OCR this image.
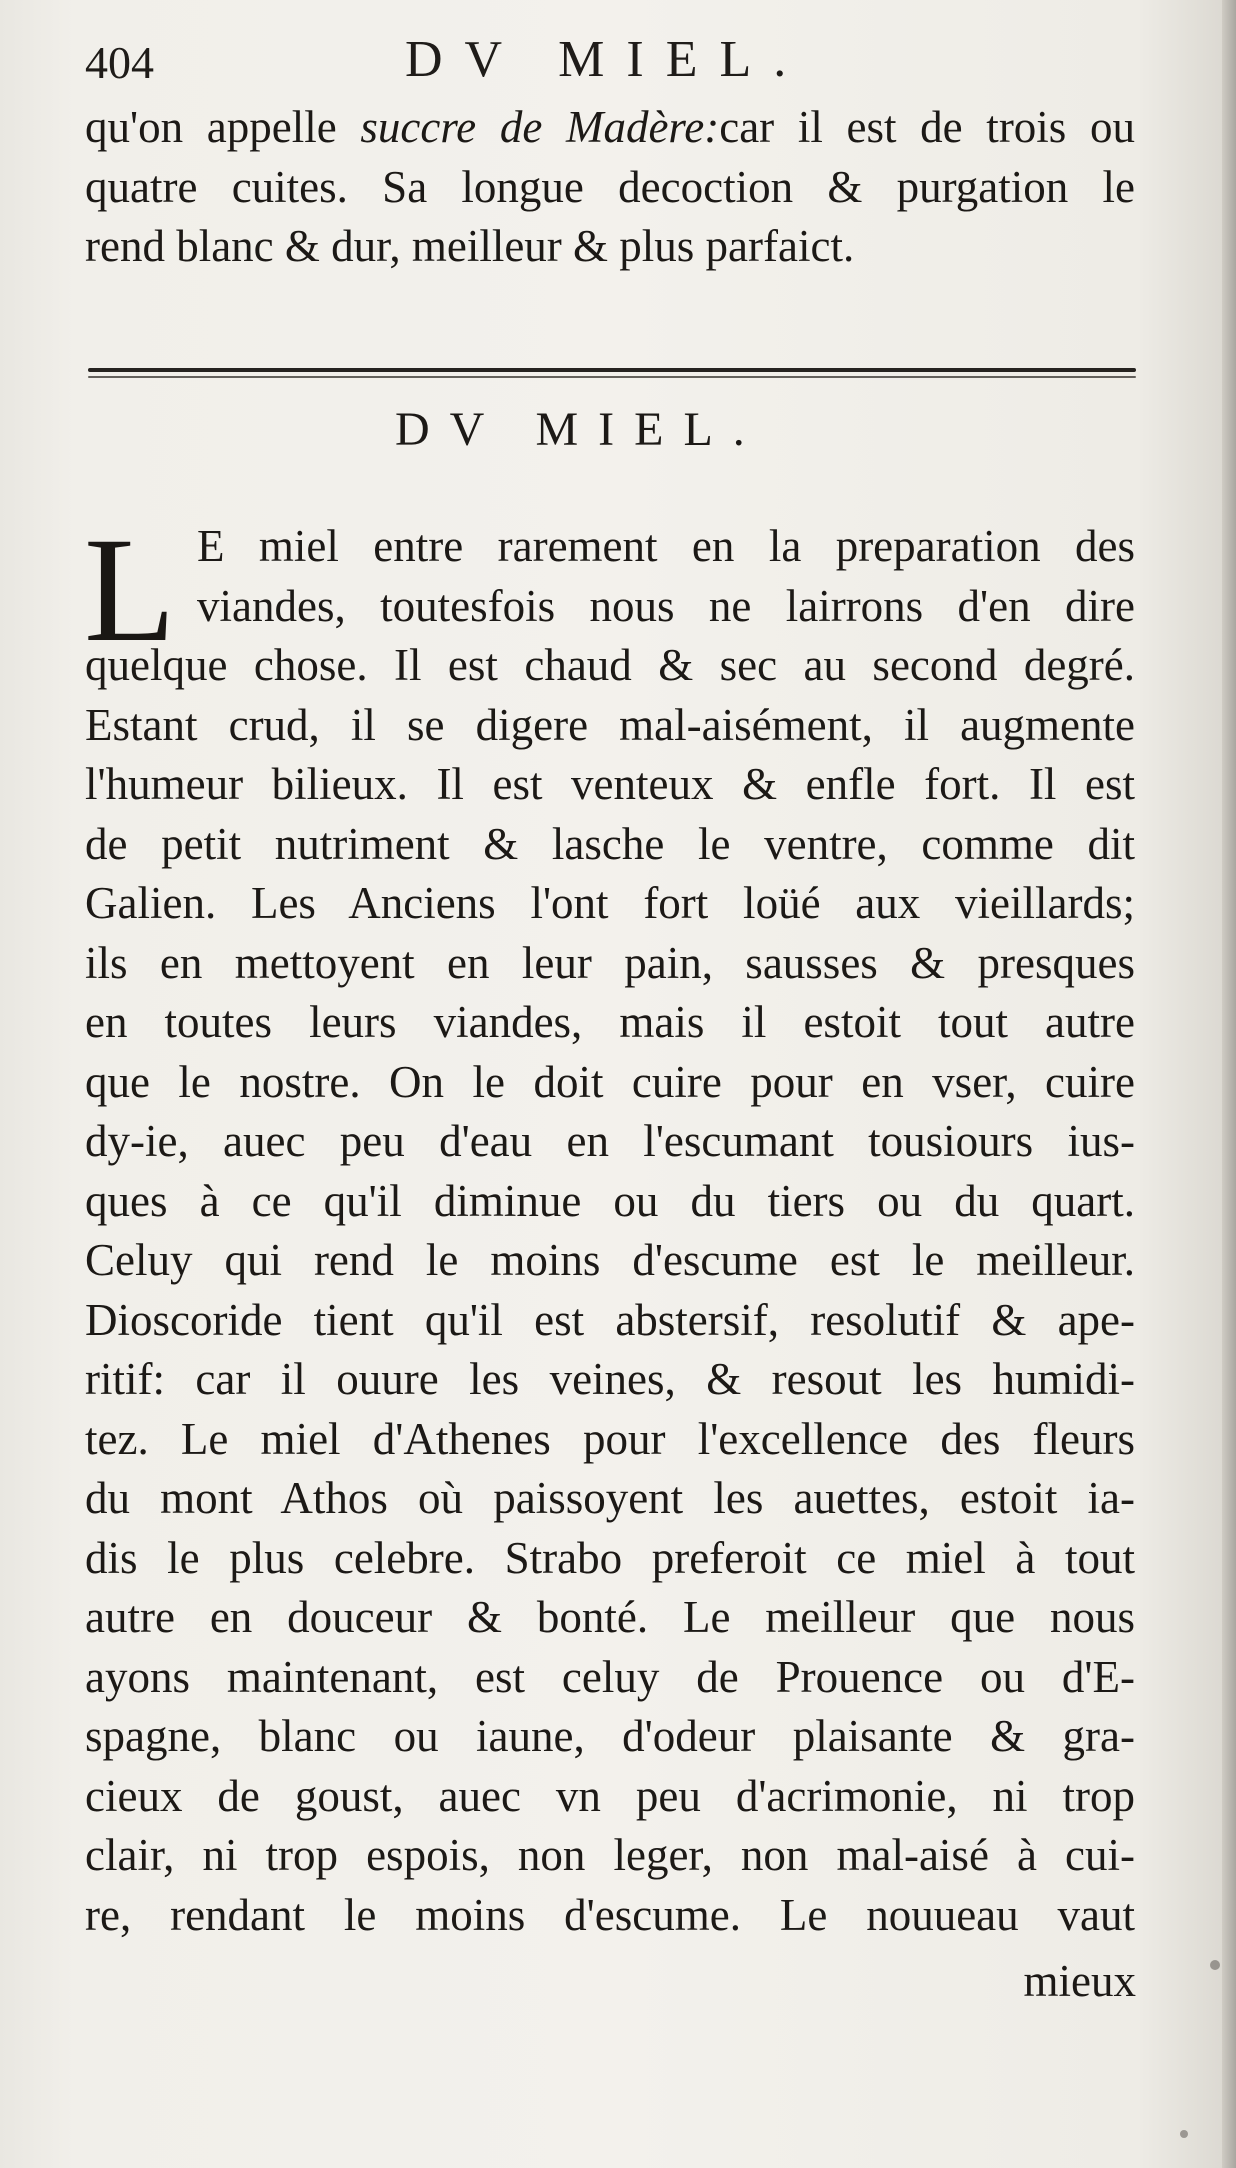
404	DV MIEL.
qu'on appelle succre de Madère:car il est de trois ou
quatre cuites. Sa longue decoction & purgation le
rend blanc & dur, meilleur & plus parfaict.
DV MIEL.
L E miel entre rarement en la preparation des
viandes, toutesfois nous ne lairrons d'en dire
quelque chose. Il est chaud & sec au second degré.
Estant crud, il se digere mal-aisément, il augmente
l'humeur bilieux. Il est venteux & enfle fort. Il est
de petit nutriment & lasche le ventre, comme dit
Galien. Les Anciens l'ont fort loüé aux vieillards;
ils en mettoyent en leur pain, sausses & presques
en toutes leurs viandes, mais il estoit tout autre
que le nostre. On le doit cuire pour en vser, cuire
dy-ie, auec peu d'eau en l'escumant tousiours ius-
ques à ce qu'il diminue ou du tiers ou du quart.
Celuy qui rend le moins d'escume est le meilleur.
Dioscoride tient qu'il est abstersif, resolutif & ape-
ritif: car il ouure les veines, & resout les humidi-
tez. Le miel d'Athenes pour l'excellence des fleurs
du mont Athos où paissoyent les auettes, estoit ia-
dis le plus celebre. Strabo preferoit ce miel à tout
autre en doucеur & bonté. Le meilleur que nous
ayons maintenant, est celuy de Prouence ou d'E-
spagne, blanc ou iaune, d'odeur plaisante & gra-
cieux de goust, auec vn peu d'acrimonie, ni trop
clair, ni trop espois, non leger, non mal-aisé à cui-
re, rendant le moins d'escume. Le nouueau vaut
mieux
